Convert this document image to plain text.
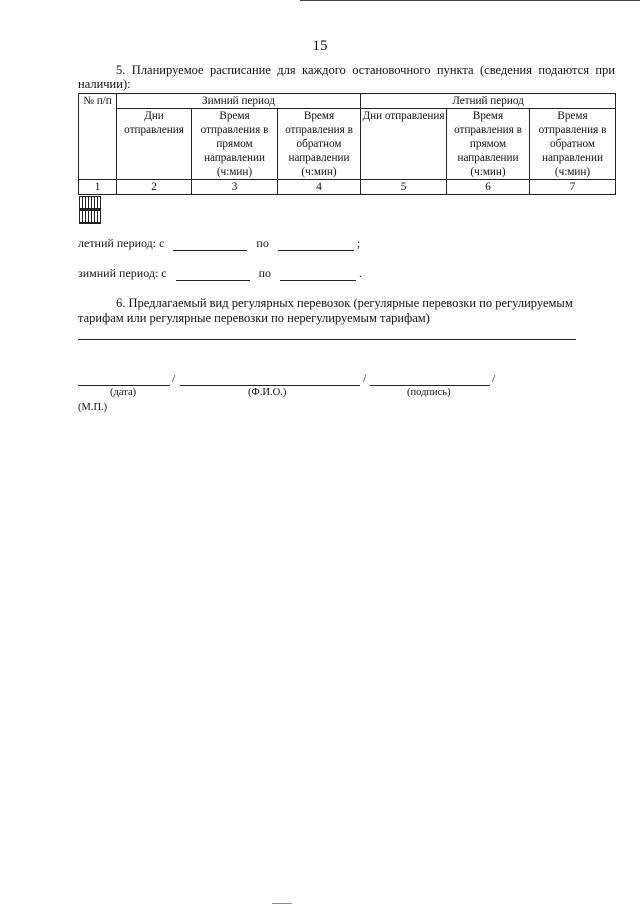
15
5. Планируемое расписание для каждого остановочного пункта (сведения подаются при наличии):
№ п/п	Зимний период	Летний период
Дни отправления	Время отправления в прямом направлении (ч:мин)	Время отправления в обратном направлении (ч:мин)	Дни отправления	Время отправления в прямом направлении (ч:мин)	Время отправления в обратном направлении (ч:мин)
1	2	3	4	5	6	7

летний период: с	по	;
зимний период: с	по	.
6. Предлагаемый вид регулярных перевозок (регулярные перевозки по регулируемым тарифам или регулярные перевозки по нерегулируемым тарифам)
/	/	/
(дата)	(Ф.И.О.)	(подпись)
(М.П.)
